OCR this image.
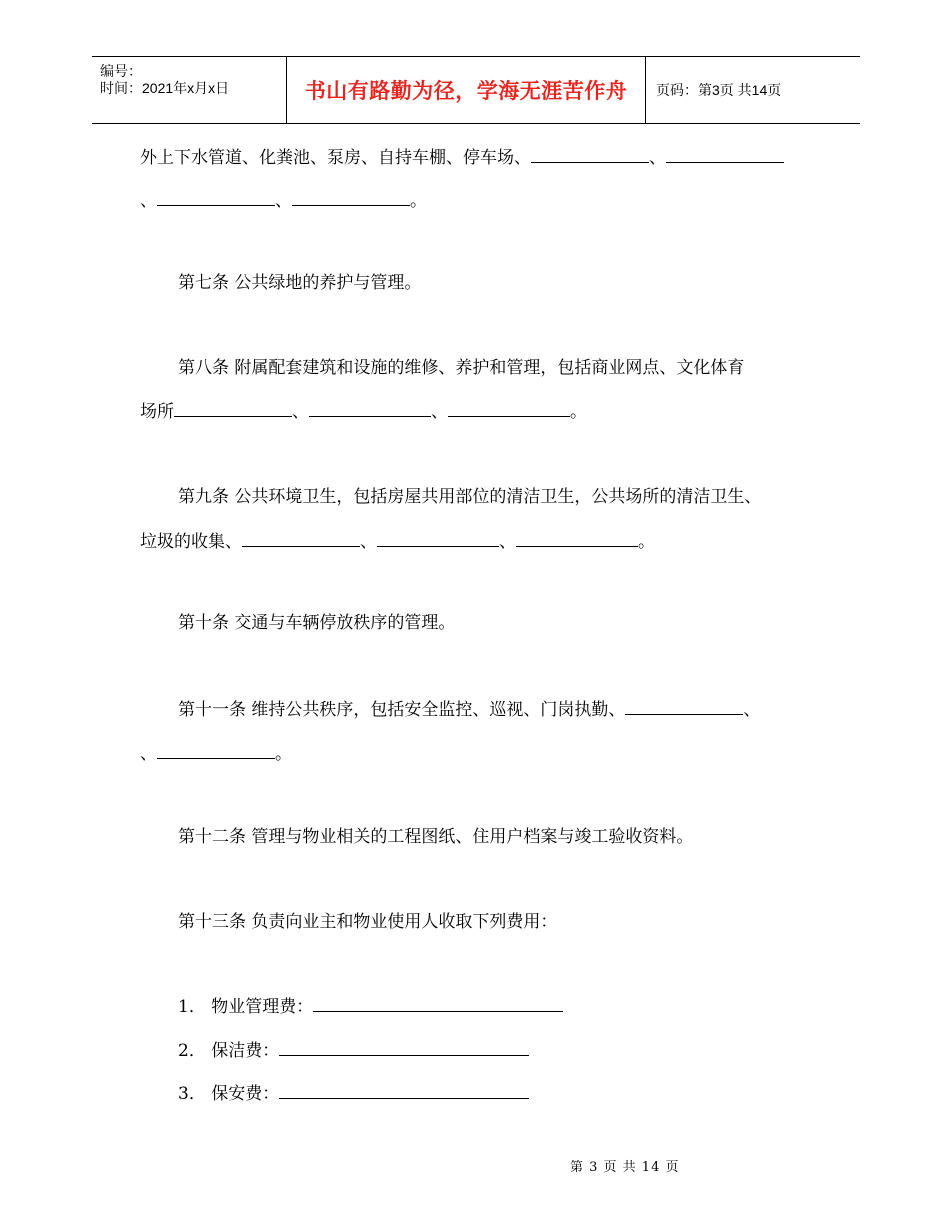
编号：
时间：2021年x月x日	书山有路勤为径，学海无涯苦作舟 页码：第3页 共14页
外上下水管道、化粪池、泵房、自持车棚、停车场、	、
、	、	。
第七条 公共绿地的养护与管理。
第八条 附属配套建筑和设施的维修、养护和管理，包括商业网点、文化体育
场所	、	、	。
第九条 公共环境卫生，包括房屋共用部位的清洁卫生，公共场所的清洁卫生、
垃圾的收集、	、	、	。
第十条 交通与车辆停放秩序的管理。
第十一条 维持公共秩序，包括安全监控、巡视、门岗执勤、	、
、	。
第十二条 管理与物业相关的工程图纸、住用户档案与竣工验收资料。
第十三条 负责向业主和物业使用人收取下列费用：
1． 物业管理费：
2． 保洁费：
3． 保安费：
第 3 页 共 14 页
